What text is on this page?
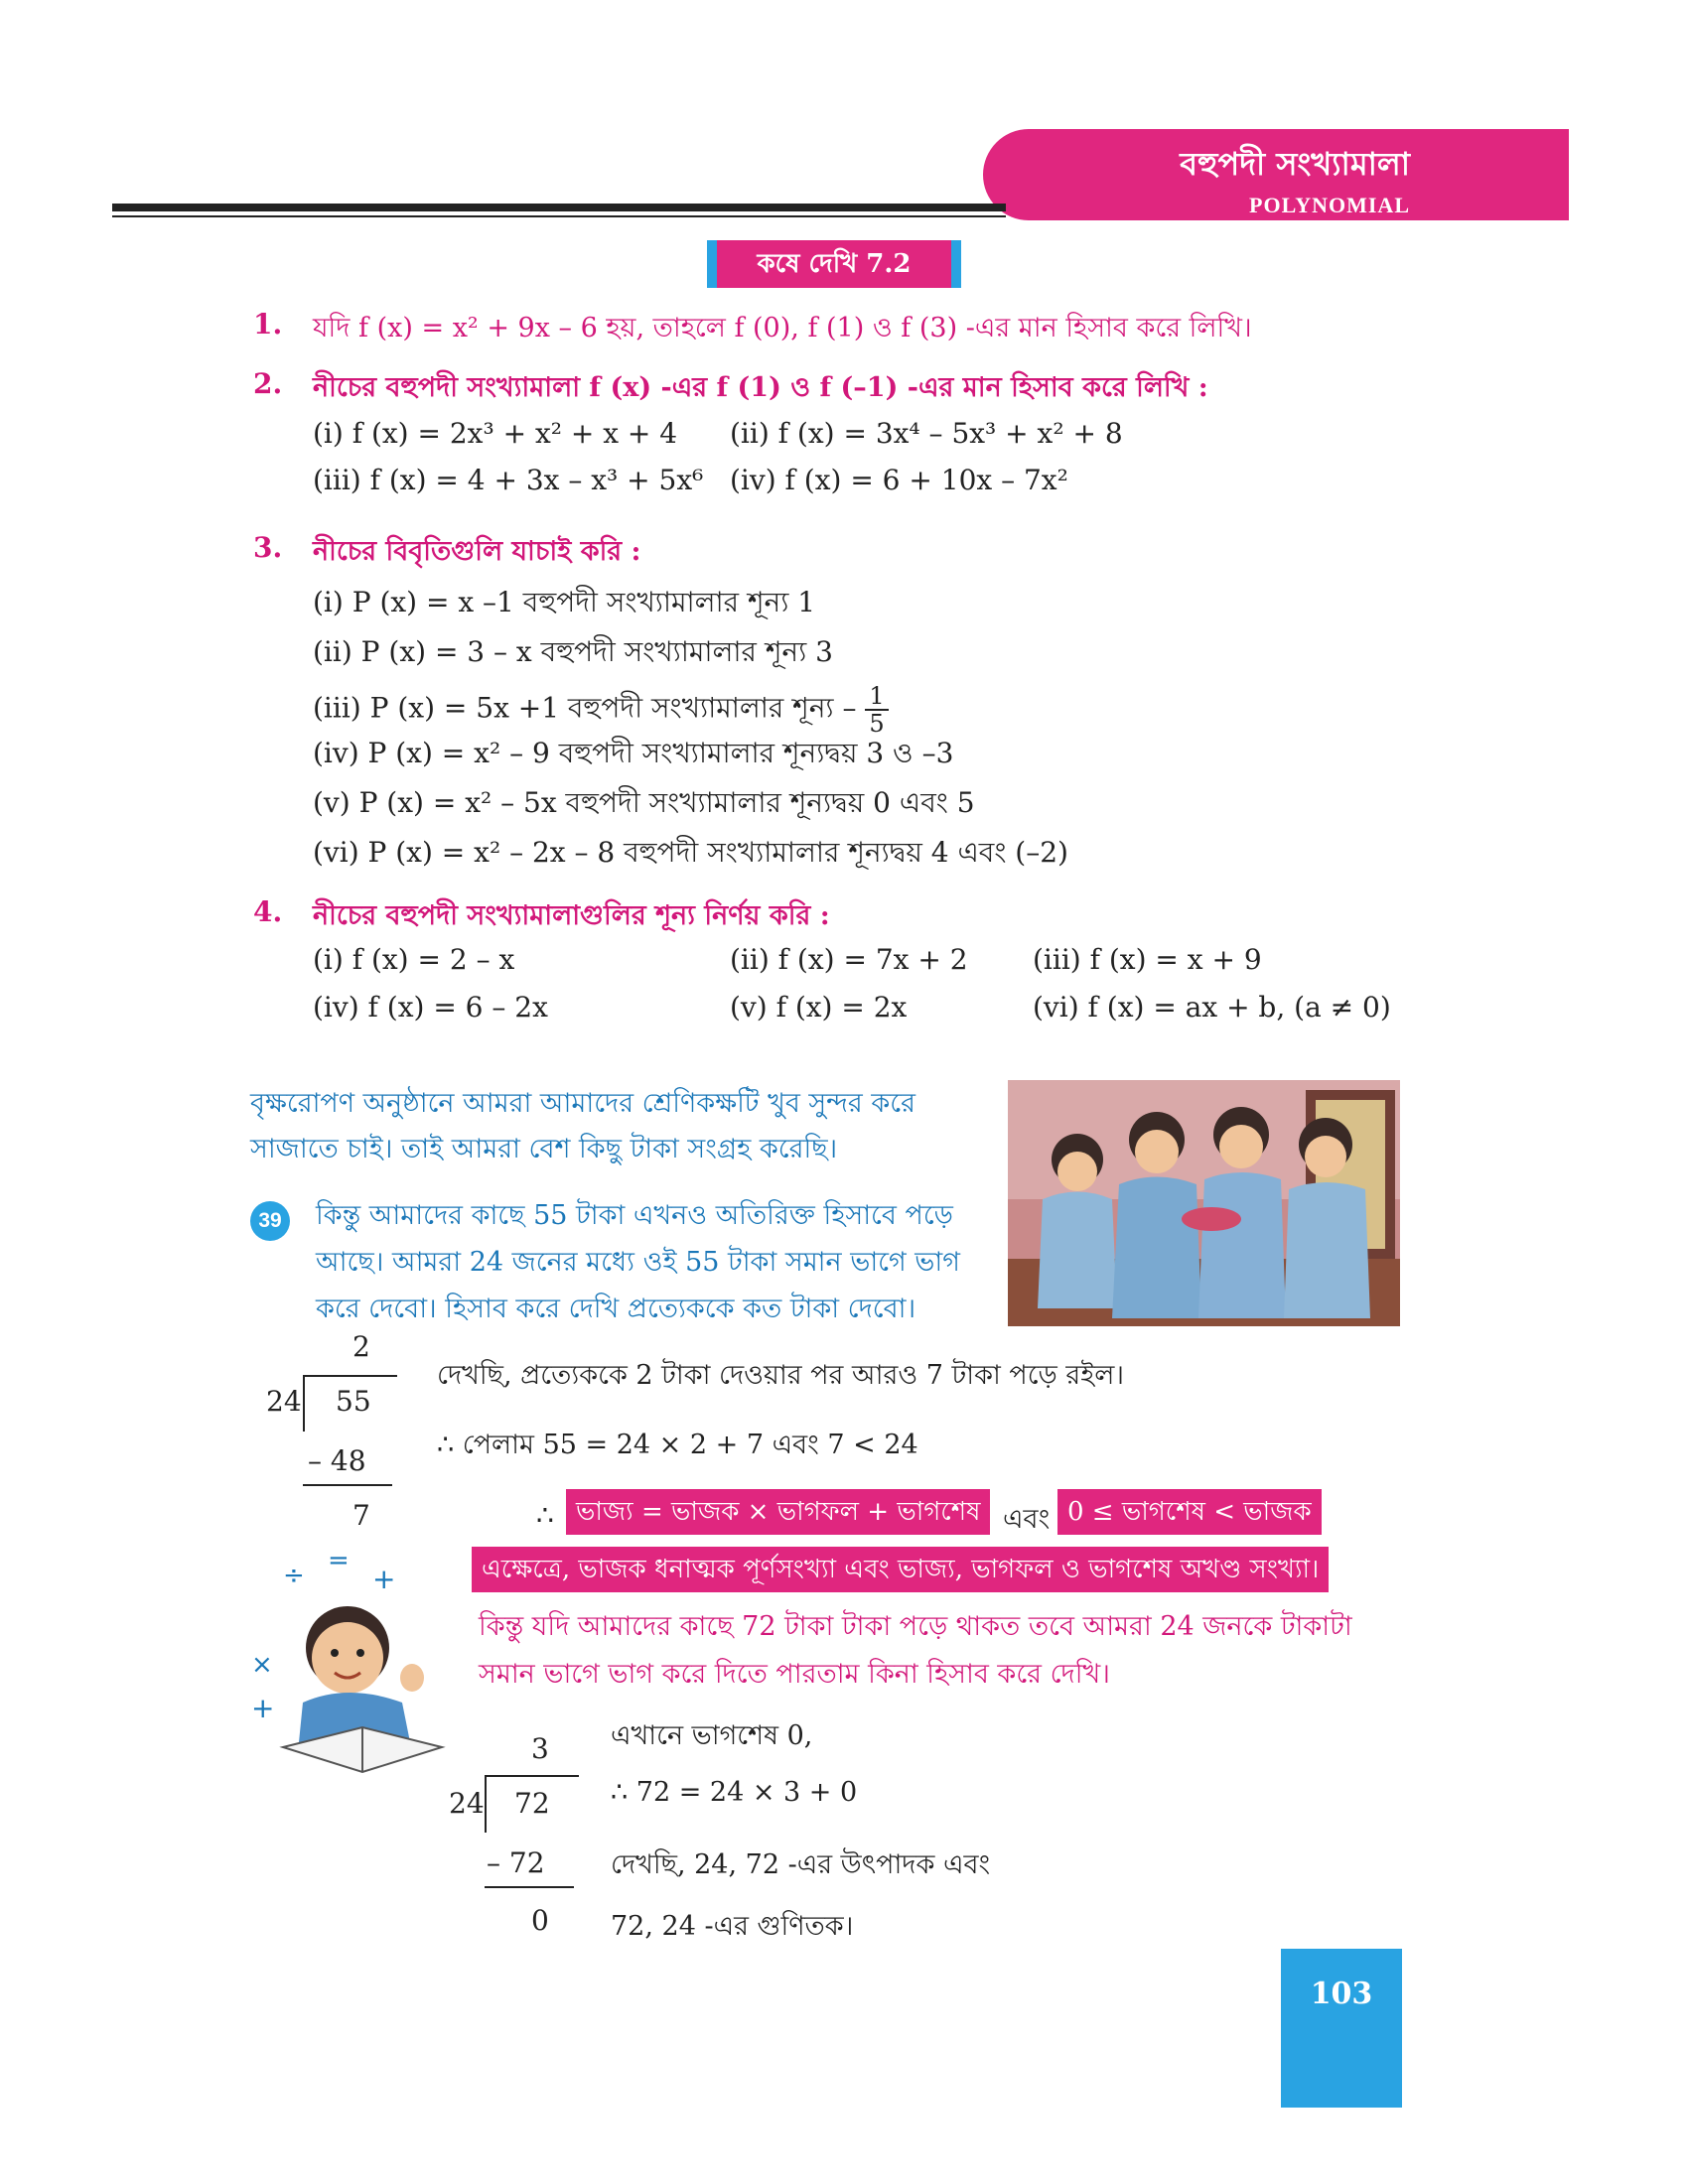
বহুপদী সংখ্যামালা
POLYNOMIAL
কষে দেখি 7.2
1. যদি f (x) = x² + 9x – 6 হয়, তাহলে f (0), f (1) ও f (3) -এর মান হিসাব করে লিখি।
2. নীচের বহুপদী সংখ্যামালা f (x) -এর f (1) ও f (–1) -এর মান হিসাব করে লিখি :
(i) f (x) = 2x³ + x² + x + 4 (ii) f (x) = 3x⁴ – 5x³ + x² + 8
(iii) f (x) = 4 + 3x – x³ + 5x⁶ (iv) f (x) = 6 + 10x – 7x²
3. নীচের বিবৃতিগুলি যাচাই করি :
(i) P (x) = x –1 বহুপদী সংখ্যামালার শূন্য 1
(ii) P (x) = 3 – x বহুপদী সংখ্যামালার শূন্য 3
(iii) P (x) = 5x +1 বহুপদী সংখ্যামালার শূন্য – $\frac{1}{5}$
(iv) P (x) = x² – 9 বহুপদী সংখ্যামালার শূন্যদ্বয় 3 ও –3
(v) P (x) = x² – 5x বহুপদী সংখ্যামালার শূন্যদ্বয় 0 এবং 5
(vi) P (x) = x² – 2x – 8 বহুপদী সংখ্যামালার শূন্যদ্বয় 4 এবং (–2)
4. নীচের বহুপদী সংখ্যামালাগুলির শূন্য নির্ণয় করি :
(i) f (x) = 2 – x	(ii) f (x) = 7x + 2 (iii) f (x) = x + 9
(iv) f (x) = 6 – 2x	(v) f (x) = 2x	(vi) f (x) = ax + b, (a ≠ 0)
বৃক্ষরোপণ অনুষ্ঠানে আমরা আমাদের শ্রেণিকক্ষটি খুব সুন্দর করে
সাজাতে চাই। তাই আমরা বেশ কিছু টাকা সংগ্রহ করেছি।
39	কিন্তু আমাদের কাছে 55 টাকা এখনও অতিরিক্ত হিসাবে পড়ে
আছে। আমরা 24 জনের মধ্যে ওই 55 টাকা সমান ভাগে ভাগ
করে দেবো। হিসাব করে দেখি প্রত্যেককে কত টাকা দেবো।
2
24 55
– 48
7
দেখছি, প্রত্যেককে 2 টাকা দেওয়ার পর আরও 7 টাকা পড়ে রইল।
∴ পেলাম 55 = 24 × 2 + 7 এবং 7 < 24
∴ ভাজ্য = ভাজক × ভাগফল + ভাগশেষ এবং 0 ≤ ভাগশেষ < ভাজক
এক্ষেত্রে, ভাজক ধনাত্মক পূর্ণসংখ্যা এবং ভাজ্য, ভাগফল ও ভাগশেষ অখণ্ড সংখ্যা।
কিন্তু যদি আমাদের কাছে 72 টাকা টাকা পড়ে থাকত তবে আমরা 24 জনকে টাকাটা
সমান ভাগে ভাগ করে দিতে পারতাম কিনা হিসাব করে দেখি।
÷ =
+
×
+
3
24 72
– 72
0
এখানে ভাগশেষ 0,
∴ 72 = 24 × 3 + 0
দেখছি, 24, 72 -এর উৎপাদক এবং
72, 24 -এর গুণিতক।
103
